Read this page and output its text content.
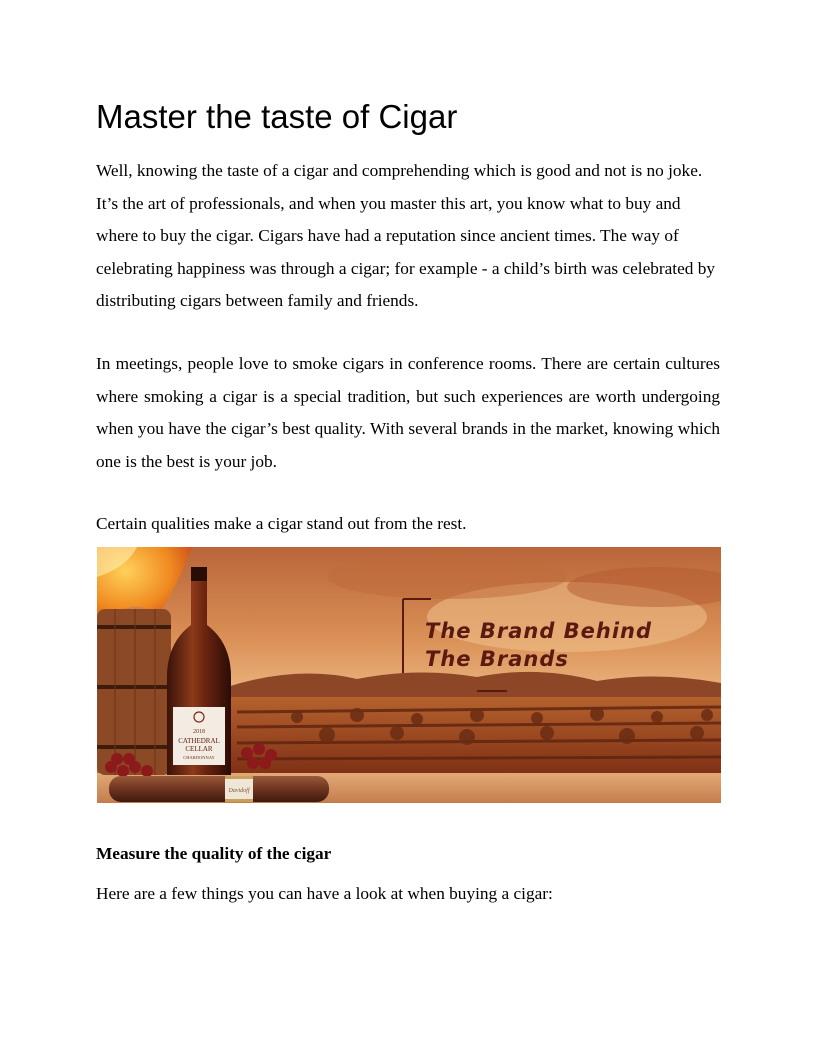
Master the taste of Cigar

Well, knowing the taste of a cigar and comprehending which is good and not is no joke. It’s the art of professionals, and when you master this art, you know what to buy and where to buy the cigar. Cigars have had a reputation since ancient times. The way of celebrating happiness was through a cigar; for example - a child’s birth was celebrated by distributing cigars between family and friends.

In meetings, people love to smoke cigars in conference rooms. There are certain cultures where smoking a cigar is a special tradition, but such experiences are worth undergoing when you have the cigar’s best quality. With several brands in the market, knowing which one is the best is your job.

Certain qualities make a cigar stand out from the rest.

2018
CATHEDRAL
CELLAR
CHARDONNAY
Davidoff
The Brand Behind
The Brands
Measure the quality of the cigar

Here are a few things you can have a look at when buying a cigar:
